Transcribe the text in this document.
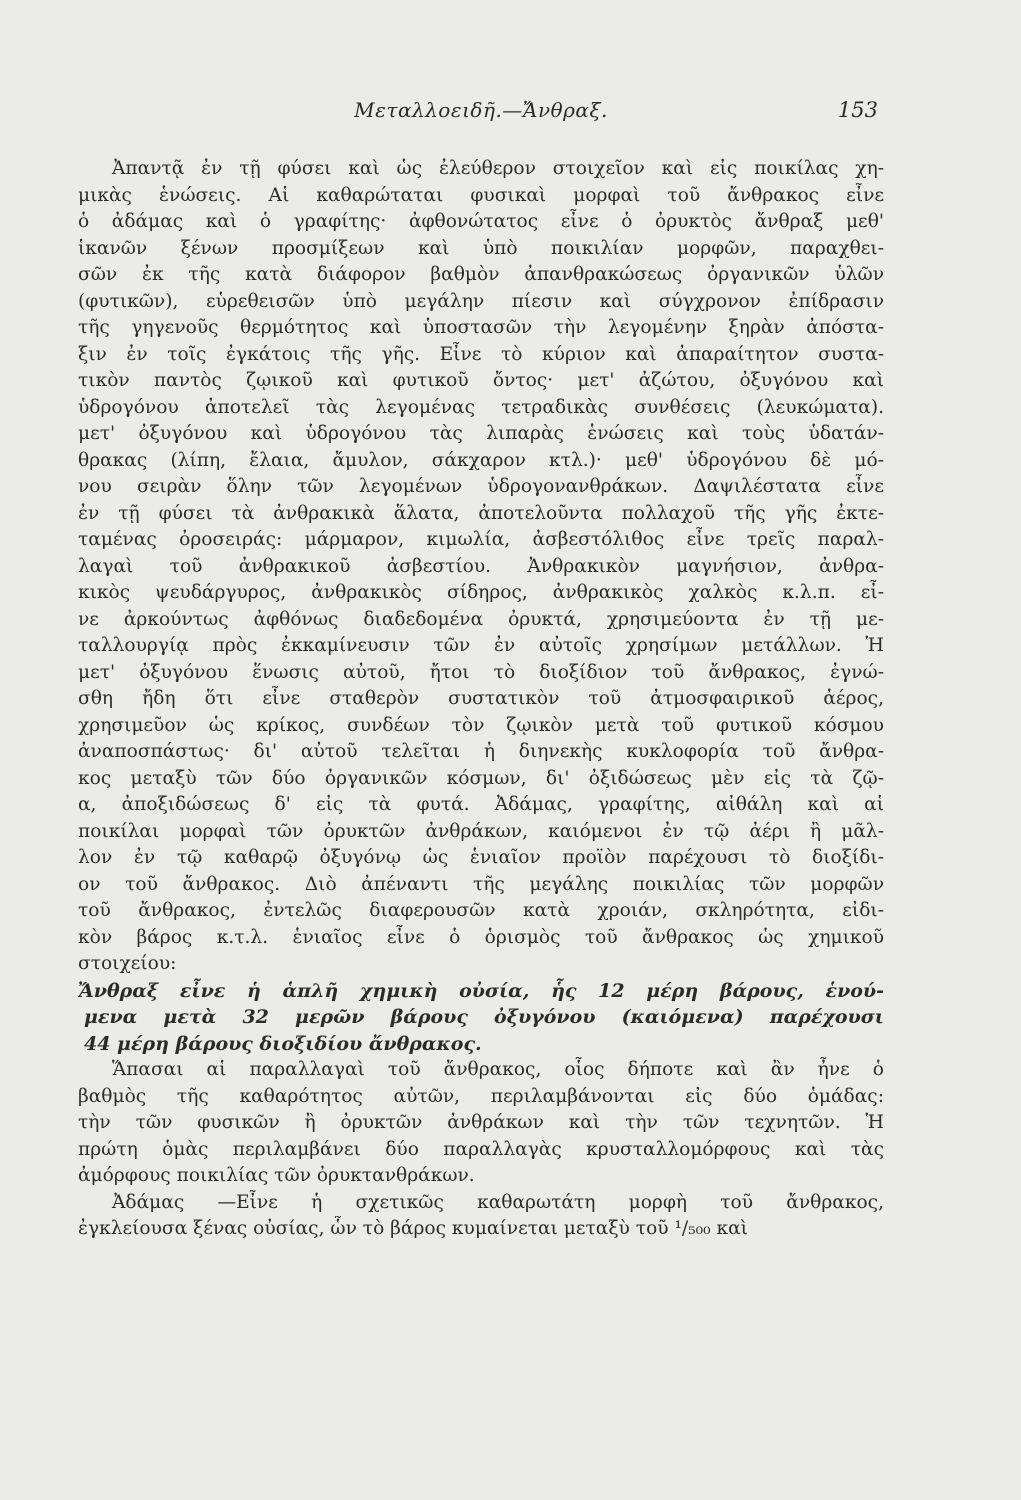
Μεταλλοειδῆ.—Ἄνθραξ.	153
Ἀπαντᾷ ἐν τῇ φύσει καὶ ὡς ἐλεύθερον στοιχεῖον καὶ εἰς ποικίλας χη-
μικὰς ἑνώσεις. Αἱ καθαρώταται φυσικαὶ μορφαὶ τοῦ ἄνθρακος εἶνε
ὁ ἀδάμας καὶ ὁ γραφίτης· ἀφθονώτατος εἶνε ὁ ὀρυκτὸς ἄνθραξ μεθ'
ἱκανῶν ξένων προσμίξεων καὶ ὑπὸ ποικιλίαν μορφῶν, παραχθει-
σῶν ἐκ τῆς κατὰ διάφορον βαθμὸν ἀπανθρακώσεως ὀργανικῶν ὑλῶν
(φυτικῶν), εὑρεθεισῶν ὑπὸ μεγάλην πίεσιν καὶ σύγχρονον ἐπίδρασιν
τῆς γηγενοῦς θερμότητος καὶ ὑποστασῶν τὴν λεγομένην ξηρὰν ἀπόστα-
ξιν ἐν τοῖς ἐγκάτοις τῆς γῆς. Εἶνε τὸ κύριον καὶ ἀπαραίτητον συστα-
τικὸν παντὸς ζῳικοῦ καὶ φυτικοῦ ὄντος· μετ' ἀζώτου, ὀξυγόνου καὶ
ὑδρογόνου ἀποτελεῖ τὰς λεγομένας τετραδικὰς συνθέσεις (λευκώματα).
μετ' ὀξυγόνου καὶ ὑδρογόνου τὰς λιπαρὰς ἑνώσεις καὶ τοὺς ὑδατάν-
θρακας (λίπη, ἔλαια, ἄμυλον, σάκχαρον κτλ.)· μεθ' ὑδρογόνου δὲ μό-
νου σειρὰν ὅλην τῶν λεγομένων ὑδρογονανθράκων. Δαψιλέστατα εἶνε
ἐν τῇ φύσει τὰ ἀνθρακικὰ ἅλατα, ἀποτελοῦντα πολλαχοῦ τῆς γῆς ἐκτε-
ταμένας ὀροσειράς: μάρμαρον, κιμωλία, ἀσβεστόλιθος εἶνε τρεῖς παραλ-
λαγαὶ τοῦ ἀνθρακικοῦ ἀσβεστίου. Ἀνθρακικὸν μαγνήσιον, ἀνθρα-
κικὸς ψευδάργυρος, ἀνθρακικὸς σίδηρος, ἀνθρακικὸς χαλκὸς κ.λ.π. εἶ-
νε ἀρκούντως ἀφθόνως διαδεδομένα ὀρυκτά, χρησιμεύοντα ἐν τῇ με-
ταλλουργίᾳ πρὸς ἐκκαμίνευσιν τῶν ἐν αὐτοῖς χρησίμων μετάλλων. Ἡ
μετ' ὀξυγόνου ἕνωσις αὐτοῦ, ἤτοι τὸ διοξίδιον τοῦ ἄνθρακος, ἐγνώ-
σθη ἤδη ὅτι εἶνε σταθερὸν συστατικὸν τοῦ ἀτμοσφαιρικοῦ ἀέρος,
χρησιμεῦον ὡς κρίκος, συνδέων τὸν ζῳικὸν μετὰ τοῦ φυτικοῦ κόσμου
ἀναποσπάστως· δι' αὐτοῦ τελεῖται ἡ διηνεκὴς κυκλοφορία τοῦ ἄνθρα-
κος μεταξὺ τῶν δύο ὀργανικῶν κόσμων, δι' ὀξιδώσεως μὲν εἰς τὰ ζῷ-
α, ἀποξιδώσεως δ' εἰς τὰ φυτά. Ἀδάμας, γραφίτης, αἰθάλη καὶ αἱ
ποικίλαι μορφαὶ τῶν ὀρυκτῶν ἀνθράκων, καιόμενοι ἐν τῷ ἀέρι ἢ μᾶλ-
λον ἐν τῷ καθαρῷ ὀξυγόνῳ ὡς ἑνιαῖον προϊὸν παρέχουσι τὸ διοξίδι-
ον τοῦ ἄνθρακος. Διὸ ἀπέναντι τῆς μεγάλης ποικιλίας τῶν μορφῶν
τοῦ ἄνθρακος, ἐντελῶς διαφερουσῶν κατὰ χροιάν, σκληρότητα, εἰδι-
κὸν βάρος κ.τ.λ. ἑνιαῖος εἶνε ὁ ὁρισμὸς τοῦ ἄνθρακος ὡς χημικοῦ
στοιχείου:
Ἄνθραξ εἶνε ἡ ἁπλῆ χημικὴ οὐσία, ἧς 12 μέρη βάρους, ἑνού-
μενα μετὰ 32 μερῶν βάρους ὀξυγόνου (καιόμενα) παρέχουσι
44 μέρη βάρους διοξιδίου ἄνθρακος.
Ἅπασαι αἱ παραλλαγαὶ τοῦ ἄνθρακος, οἷος δήποτε καὶ ἂν ἦνε ὁ
βαθμὸς τῆς καθαρότητος αὐτῶν, περιλαμβάνονται εἰς δύο ὁμάδας:
τὴν τῶν φυσικῶν ἢ ὀρυκτῶν ἀνθράκων καὶ τὴν τῶν τεχνητῶν. Ἡ
πρώτη ὁμὰς περιλαμβάνει δύο παραλλαγὰς κρυσταλλομόρφους καὶ τὰς
ἀμόρφους ποικιλίας τῶν ὀρυκτανθράκων.
Ἀδάμας —Εἶνε ἡ σχετικῶς καθαρωτάτη μορφὴ τοῦ ἄνθρακος,
ἐγκλείουσα ξένας οὐσίας, ὧν τὸ βάρος κυμαίνεται μεταξὺ τοῦ ¹/₅₀₀ καὶ
